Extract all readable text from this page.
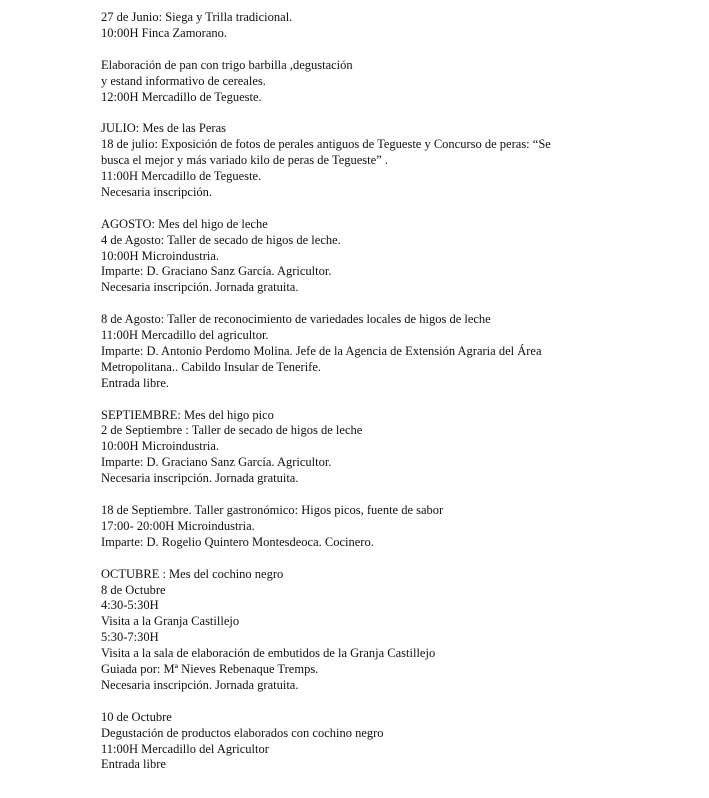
27 de Junio: Siega y Trilla tradicional.
10:00H Finca Zamorano.
Elaboración de pan con trigo barbilla ,degustación
y estand informativo de cereales.
12:00H Mercadillo de Tegueste.
JULIO: Mes de las Peras
18 de julio: Exposición de fotos de perales antiguos de Tegueste y Concurso de peras: “Se
busca el mejor y más variado kilo de peras de Tegueste” .
11:00H Mercadillo de Tegueste.
Necesaria inscripción.
AGOSTO: Mes del higo de leche
4 de Agosto: Taller de secado de higos de leche.
10:00H Microindustria.
Imparte: D. Graciano Sanz García. Agricultor.
Necesaria inscripción. Jornada gratuita.
8 de Agosto: Taller de reconocimiento de variedades locales de higos de leche
11:00H Mercadillo del agricultor.
Imparte: D. Antonio Perdomo Molina. Jefe de la Agencia de Extensión Agraria del Área
Metropolitana.. Cabildo Insular de Tenerife.
Entrada libre.
SEPTIEMBRE: Mes del higo pico
2 de Septiembre : Taller de secado de higos de leche
10:00H Microindustria.
Imparte: D. Graciano Sanz García. Agricultor.
Necesaria inscripción. Jornada gratuita.
18 de Septiembre. Taller gastronómico: Higos picos, fuente de sabor
17:00- 20:00H Microindustria.
Imparte: D. Rogelio Quintero Montesdeoca. Cocinero.
OCTUBRE : Mes del cochino negro
8 de Octubre
4:30-5:30H
Visita a la Granja Castillejo
5:30-7:30H
Visita a la sala de elaboración de embutidos de la Granja Castillejo
Guiada por: Mª Nieves Rebenaque Tremps.
Necesaria inscripción. Jornada gratuita.
10 de Octubre
Degustación de productos elaborados con cochino negro
11:00H Mercadillo del Agricultor
Entrada libre
